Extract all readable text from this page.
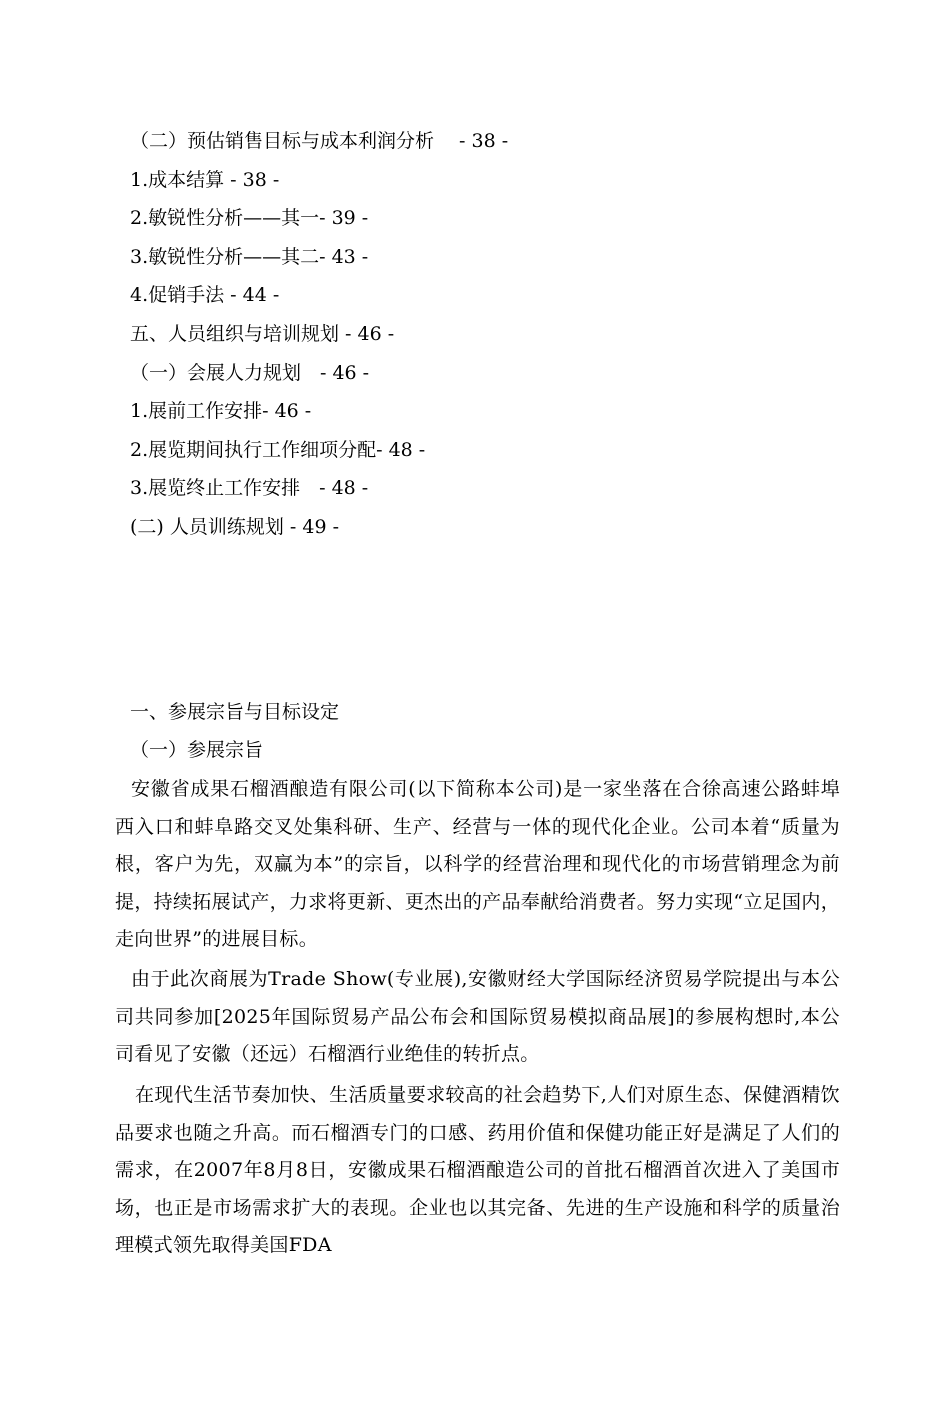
（二）预估销售目标与成本利润分析　 - 38 -
1.成本结算 - 38 -
2.敏锐性分析——其一- 39 -
3.敏锐性分析——其二- 43 -
4.促销手法 - 44 -
五、人员组织与培训规划 - 46 -
（一）会展人力规划　- 46 -
1.展前工作安排- 46 -
2.展览期间执行工作细项分配- 48 -
3.展览终止工作安排　- 48 -
(二) 人员训练规划 - 49 -
一、参展宗旨与目标设定
（一）参展宗旨
安徽省成果石榴酒酿造有限公司(以下简称本公司)是一家坐落在合徐高速公路蚌埠西入口和蚌阜路交叉处集科研、生产、经营与一体的现代化企业。公司本着“质量为根，客户为先，双赢为本”的宗旨，以科学的经营治理和现代化的市场营销理念为前提，持续拓展试产，力求将更新、更杰出的产品奉献给消费者。努力实现“立足国内，走向世界”的进展目标。
由于此次商展为Trade Show(专业展),安徽财经大学国际经济贸易学院提出与本公司共同参加[2025年国际贸易产品公布会和国际贸易模拟商品展]的参展构想时,本公司看见了安徽（还远）石榴酒行业绝佳的转折点。
在现代生活节奏加快、生活质量要求较高的社会趋势下,人们对原生态、保健酒精饮品要求也随之升高。而石榴酒专门的口感、药用价值和保健功能正好是满足了人们的需求，在2007年8月8日，安徽成果石榴酒酿造公司的首批石榴酒首次进入了美国市场，也正是市场需求扩大的表现。企业也以其完备、先进的生产设施和科学的质量治理模式领先取得美国FDA
